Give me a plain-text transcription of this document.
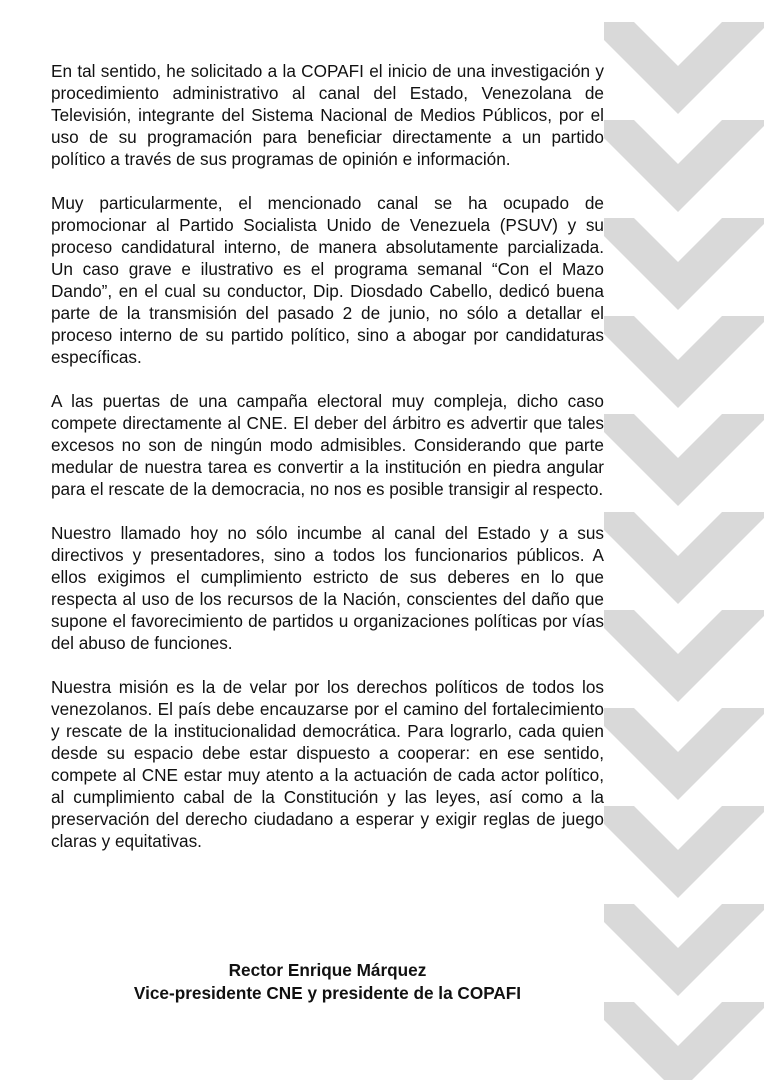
En tal sentido, he solicitado a la COPAFI el inicio de una investigación y procedimiento administrativo al canal del Estado, Venezolana de Televisión, integrante del Sistema Nacional de Medios Públicos, por el uso de su programación para beneficiar directamente a un partido político a través de sus programas de opinión e información.

Muy particularmente, el mencionado canal se ha ocupado de promocionar al Partido Socialista Unido de Venezuela (PSUV) y su proceso candidatural interno, de manera absolutamente parcializada. Un caso grave e ilustrativo es el programa semanal “Con el Mazo Dando”, en el cual su conductor, Dip. Diosdado Cabello, dedicó buena parte de la transmisión del pasado 2 de junio, no sólo a detallar el proceso interno de su partido político, sino a abogar por candidaturas específicas.

A las puertas de una campaña electoral muy compleja, dicho caso compete directamente al CNE. El deber del árbitro es advertir que tales excesos no son de ningún modo admisibles. Considerando que parte medular de nuestra tarea es convertir a la institución en piedra angular para el rescate de la democracia, no nos es posible transigir al respecto.

Nuestro llamado hoy no sólo incumbe al canal del Estado y a sus directivos y presentadores, sino a todos los funcionarios públicos. A ellos exigimos el cumplimiento estricto de sus deberes en lo que respecta al uso de los recursos de la Nación, conscientes del daño que supone el favorecimiento de partidos u organizaciones políticas por vías del abuso de funciones.

Nuestra misión es la de velar por los derechos políticos de todos los venezolanos. El país debe encauzarse por el camino del fortalecimiento y rescate de la institucionalidad democrática. Para lograrlo, cada quien desde su espacio debe estar dispuesto a cooperar: en ese sentido, compete al CNE estar muy atento a la actuación de cada actor político, al cumplimiento cabal de la Constitución y las leyes, así como a la preservación del derecho ciudadano a esperar y exigir reglas de juego claras y equitativas.

Rector Enrique Márquez
Vice-presidente CNE y presidente de la COPAFI
